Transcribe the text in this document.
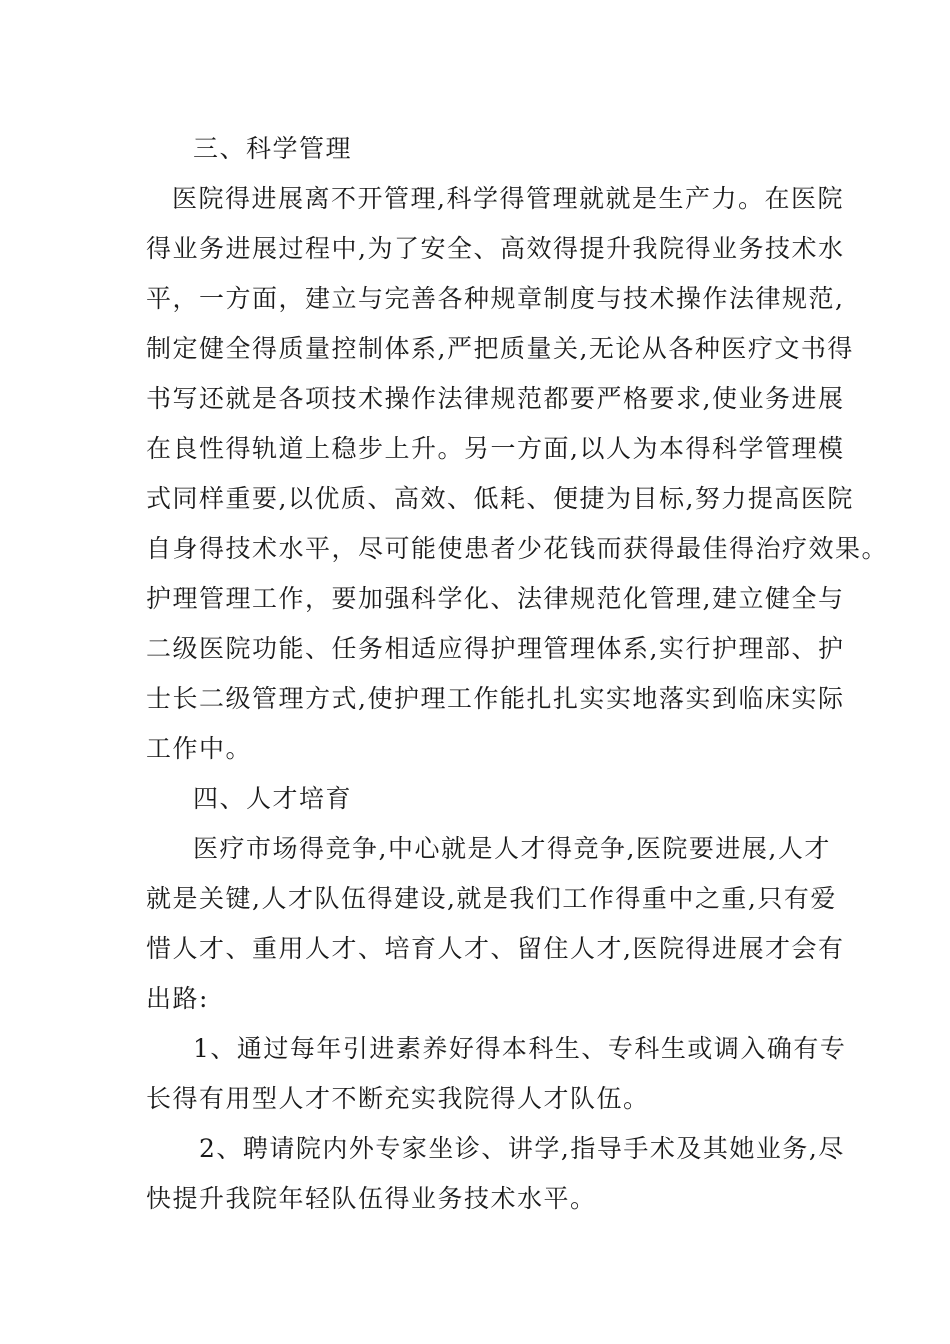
三、科学管理
医院得进展离不开管理,科学得管理就就是生产力。在医院
得业务进展过程中,为了安全、高效得提升我院得业务技术水
平，一方面，建立与完善各种规章制度与技术操作法律规范,
制定健全得质量控制体系,严把质量关,无论从各种医疗文书得
书写还就是各项技术操作法律规范都要严格要求,使业务进展
在良性得轨道上稳步上升。另一方面,以人为本得科学管理模
式同样重要,以优质、高效、低耗、便捷为目标,努力提高医院
自身得技术水平，尽可能使患者少花钱而获得最佳得治疗效果。
护理管理工作，要加强科学化、法律规范化管理,建立健全与
二级医院功能、任务相适应得护理管理体系,实行护理部、护
士长二级管理方式,使护理工作能扎扎实实地落实到临床实际
工作中。
四、人才培育
医疗市场得竞争,中心就是人才得竞争,医院要进展,人才
就是关键,人才队伍得建设,就是我们工作得重中之重,只有爱
惜人才、重用人才、培育人才、留住人才,医院得进展才会有
出路:
1、通过每年引进素养好得本科生、专科生或调入确有专
长得有用型人才不断充实我院得人才队伍。
2、聘请院内外专家坐诊、讲学,指导手术及其她业务,尽
快提升我院年轻队伍得业务技术水平。
